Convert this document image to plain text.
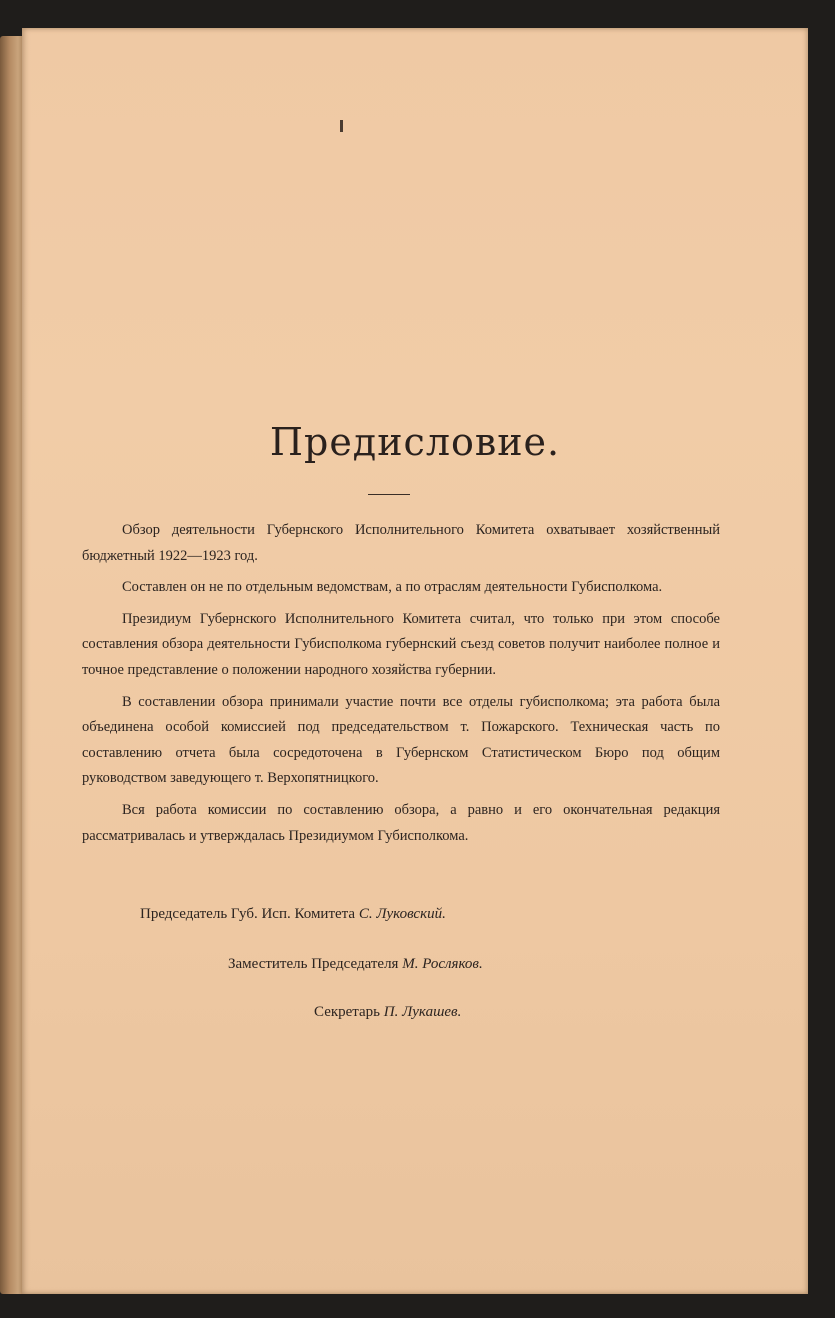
Предисловие.

Обзор деятельности Губернского Исполнительного Комитета охватывает хозяйственный бюджетный 1922—1923 год.

Составлен он не по отдельным ведомствам, а по отраслям деятельности Губисполкома.

Президиум Губернского Исполнительного Комитета считал, что только при этом способе составления обзора деятельности Губисполкома губернский съезд советов получит наиболее полное и точное представление о положении народного хозяйства губернии.

В составлении обзора принимали участие почти все отделы губисполкома; эта работа была объединена особой комиссией под председательством т. Пожарского. Техническая часть по составлению отчета была сосредоточена в Губернском Статистическом Бюро под общим руководством заведующего т. Верхопятницкого.

Вся работа комиссии по составлению обзора, а равно и его окончательная редакция рассматривалась и утверждалась Президиумом Губисполкома.

Председатель Губ. Исп. Комитета С. Луковский.
Заместитель Председателя М. Росляков.
Секретарь П. Лукашев.
